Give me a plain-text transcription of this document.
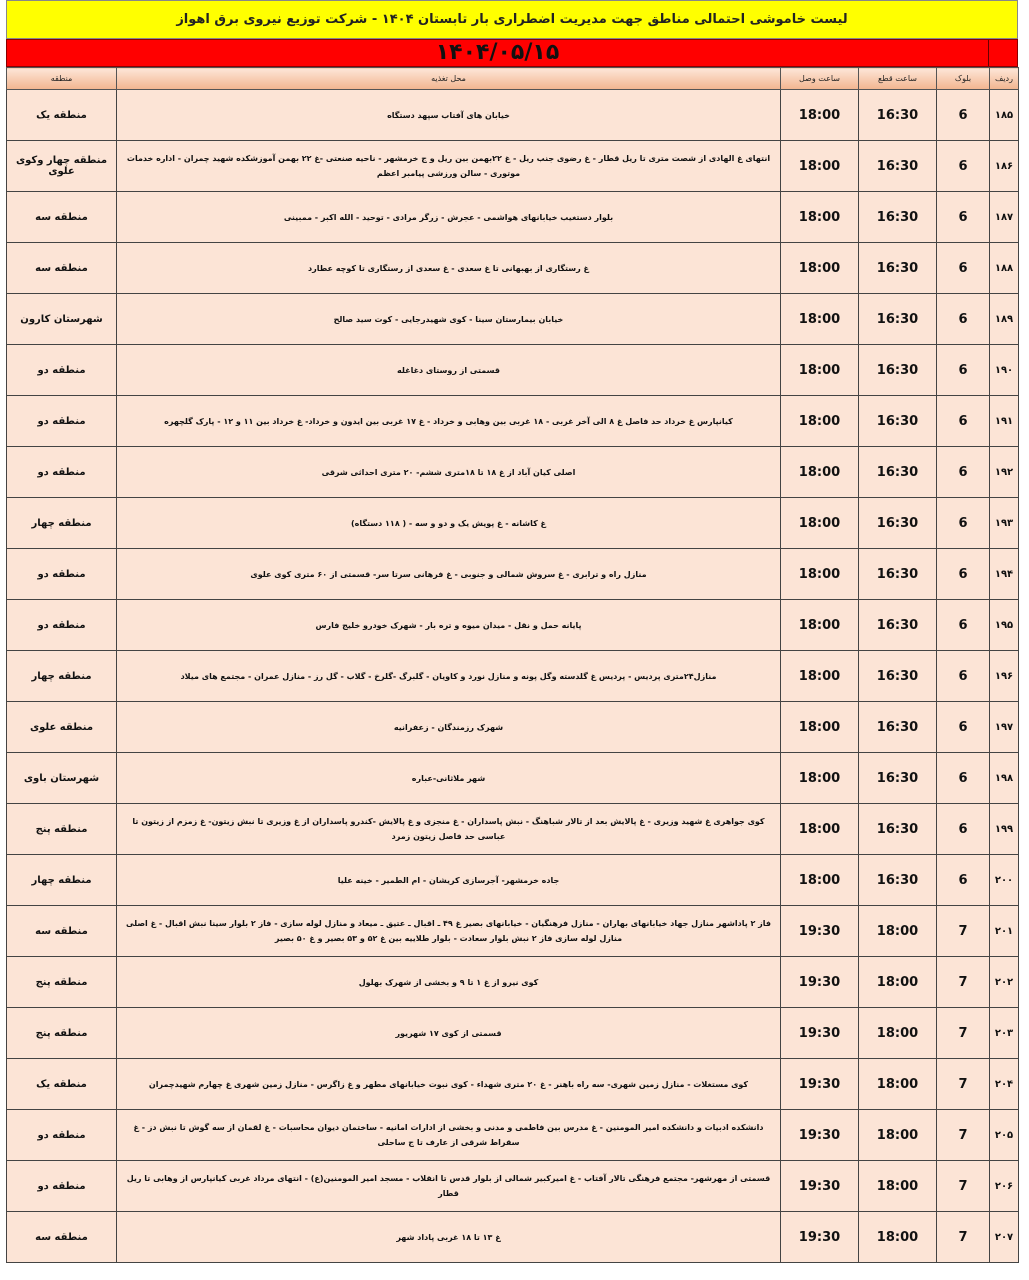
لیست خاموشی احتمالی مناطق جهت مدیریت اضطراری بار تابستان ۱۴۰۴ - شرکت توزیع نیروی برق اهواز
۱۴۰۴/۰۵/۱۵
ردیف	بلوک	ساعت قطع	ساعت وصل	محل تغذیه	منطقه
۱۸۵	6	16:30	18:00	خیابان های آفتاب سپهد دستگاه	منطقه یک
۱۸۶	6	16:30	18:00	انتهای غ الهادی از شصت متری تا ریل قطار - غ رضوی جنب ریل - غ ۲۲بهمن بین ریل و ج خرمشهر - ناحیه صنعتی -غ ۲۲ بهمن آموزشکده شهید چمران - اداره خدمات موتوری - سالن ورزشی پیامبر اعظم	منطقه چهار وکوی علوی
۱۸۷	6	16:30	18:00	بلوار دستغیب خیابانهای هواشمی - عجرش - زرگر مرادی - توحید - الله اکبر - ممبینی	منطقه سه
۱۸۸	6	16:30	18:00	غ رستگاری از بهبهانی تا غ سعدی - غ سعدی از رستگاری تا کوچه عطارد	منطقه سه
۱۸۹	6	16:30	18:00	خیابان بیمارستان سینا - کوی شهیدرجایی - کوت سید صالح	شهرستان کارون
۱۹۰	6	16:30	18:00	قسمتی از روستای دغاغله	منطقه دو
۱۹۱	6	16:30	18:00	کیانپارس غ خرداد حد فاصل غ ۸ الی آخر غربی - ۱۸ غربی بین وهابی و خرداد - غ ۱۷ غربی بین ایدون و خرداد- غ خرداد بین ۱۱ و ۱۲ - پارک گلچهره	منطقه دو
۱۹۲	6	16:30	18:00	اصلی کیان آباد از غ ۱۸ تا ۱۸متری ششم- ۲۰ متری احداثی شرقی	منطقه دو
۱۹۳	6	16:30	18:00	غ کاشانه - غ پویش یک و دو و سه - ( ۱۱۸ دستگاه)	منطقه چهار
۱۹۴	6	16:30	18:00	منازل راه و ترابری - غ سروش شمالی و جنوبی - غ فرهانی سرتا سر- قسمتی از ۶۰ متری کوی علوی	منطقه دو
۱۹۵	6	16:30	18:00	پایانه حمل و نقل - میدان میوه و تره بار - شهرک خودرو خلیج فارس	منطقه دو
۱۹۶	6	16:30	18:00	منازل۲۴متری پردیس - پردیس غ گلدسته وگل پونه و منازل نورد و کاویان - گلبرگ -گلرخ - گلاب - گل رز - منازل عمران - مجتمع های میلاد	منطقه چهار
۱۹۷	6	16:30	18:00	شهرک رزمندگان - زعفرانیه	منطقه علوی
۱۹۸	6	16:30	18:00	شهر ملاثانی-عباره	شهرستان باوی
۱۹۹	6	16:30	18:00	کوی جواهری غ شهید وزیری - غ پالایش بعد از تالار شباهنگ - نبش پاسداران - غ منجزی و غ پالایش -کندرو پاسداران از غ وزیری تا نبش زیتون- غ زمزم از زیتون تا عباسی حد فاصل زیتون زمرد	منطقه پنج
۲۰۰	6	16:30	18:00	جاده خرمشهر- آجرسازی کریشان - ام الطمیر - خینه علیا	منطقه چهار
۲۰۱	7	18:00	19:30	فاز ۲ پاداشهر منازل جهاد خیابانهای بهاران - منازل فرهنگیان - خیابانهای بصیر غ ۴۹ ـ اقبال ـ عتیق ـ میعاد و منازل لوله سازی - فاز ۲ بلوار سینا نبش اقبال - غ اصلی منازل لوله سازی فاز ۲ نبش بلوار سعادت - بلوار طلاییه بین غ ۵۲ و ۵۳ بصیر و غ ۵۰ بصیر	منطقه سه
۲۰۲	7	18:00	19:30	کوی نیرو از غ ۱ تا ۹ و بخشی از شهرک بهلول	منطقه پنج
۲۰۳	7	18:00	19:30	قسمتی از کوی ۱۷ شهریور	منطقه پنج
۲۰۴	7	18:00	19:30	کوی مستغلات - منازل زمین شهری- سه راه باهنر - غ ۲۰ متری شهداء - کوی نبوت خیابانهای مطهر و غ زاگرس - منازل زمین شهری غ چهارم شهیدچمران	منطقه یک
۲۰۵	7	18:00	19:30	دانشکده ادبیات و دانشکده امیر المومنین - غ مدرس بین فاطمی و مدنی و بخشی از ادارات امانیه - ساختمان دیوان محاسبات - غ لقمان از سه گوش تا نبش دز - غ سقراط شرقی از عارف تا ج ساحلی	منطقه دو
۲۰۶	7	18:00	19:30	قسمتی از مهرشهر- مجتمع فرهنگی تالار آفتاب - غ امیرکبیر شمالی از بلوار قدس تا انقلاب - مسجد امیر المومنین(ع) - انتهای مرداد غربی کیانپارس از وهابی تا ریل قطار	منطقه دو
۲۰۷	7	18:00	19:30	غ ۱۳ تا ۱۸ غربی پاداد شهر	منطقه سه
